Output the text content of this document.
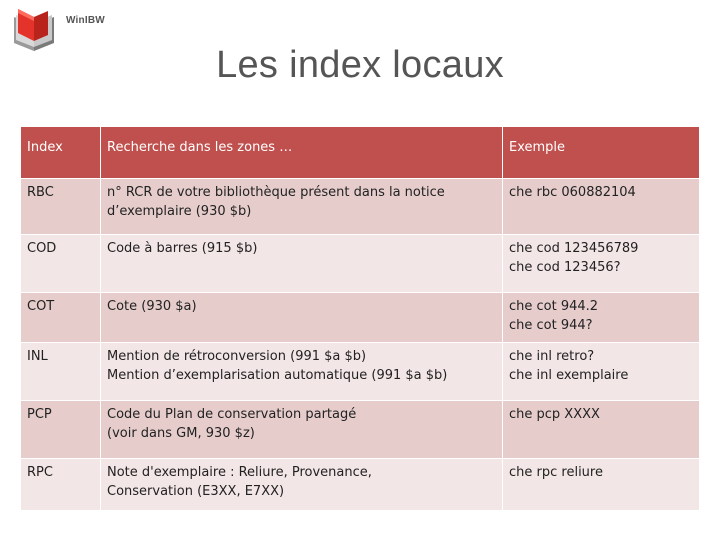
WinIBW
Les index locaux
Index	Recherche dans les zones …	Exemple
RBC	n° RCR de votre bibliothèque présent dans la notice
d’exemplaire (930 $b)	che rbc 060882104

COD	Code à barres (915 $b)	che cod 123456789
che cod 123456?

COT	Cote (930 $a)	che cot 944.2
che cot 944?

INL	Mention de rétroconversion (991 $a $b)
Mention d’exemplarisation automatique (991 $a $b)	che inl retro?
che inl exemplaire

PCP	Code du Plan de conservation partagé
(voir dans GM, 930 $z)	che pcp XXXX

RPC	Note d'exemplaire : Reliure, Provenance,
Conservation (E3XX, E7XX)	che rpc reliure
